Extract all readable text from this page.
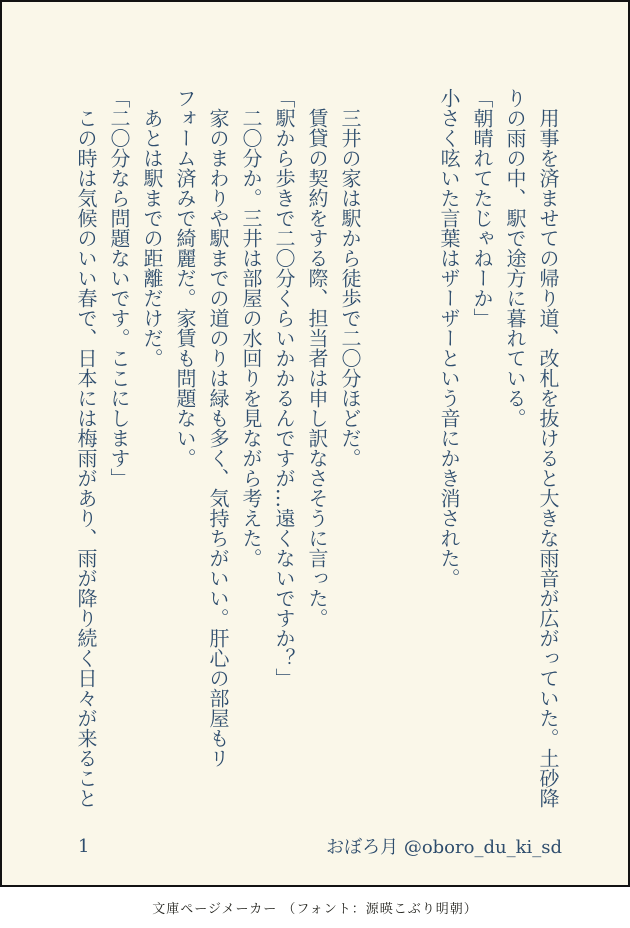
　用事を済ませての帰り道、改札を抜けると大きな雨音が広がっていた。土砂降

りの雨の中、駅で途方に暮れている。

「朝晴れてたじゃねーか」

小さく呟いた言葉はザーザーという音にかき消された。

　三井の家は駅から徒歩で二〇分ほどだ。

　賃貸の契約をする際、担当者は申し訳なさそうに言った。

「駅から歩きで二〇分くらいかかるんですが…遠くないですか？」

　二〇分か。三井は部屋の水回りを見ながら考えた。

　家のまわりや駅までの道のりは緑も多く、気持ちがいい。肝心の部屋もリ

フォーム済みで綺麗だ。家賃も問題ない。

　あとは駅までの距離だけだ。

「二〇分なら問題ないです。ここにします」

　この時は気候のいい春で、日本には梅雨があり、雨が降り続く日々が来ること

1	おぼろ月 @oboro_du_ki_sd
文庫ページメーカー （フォント：源暎こぶり明朝）
